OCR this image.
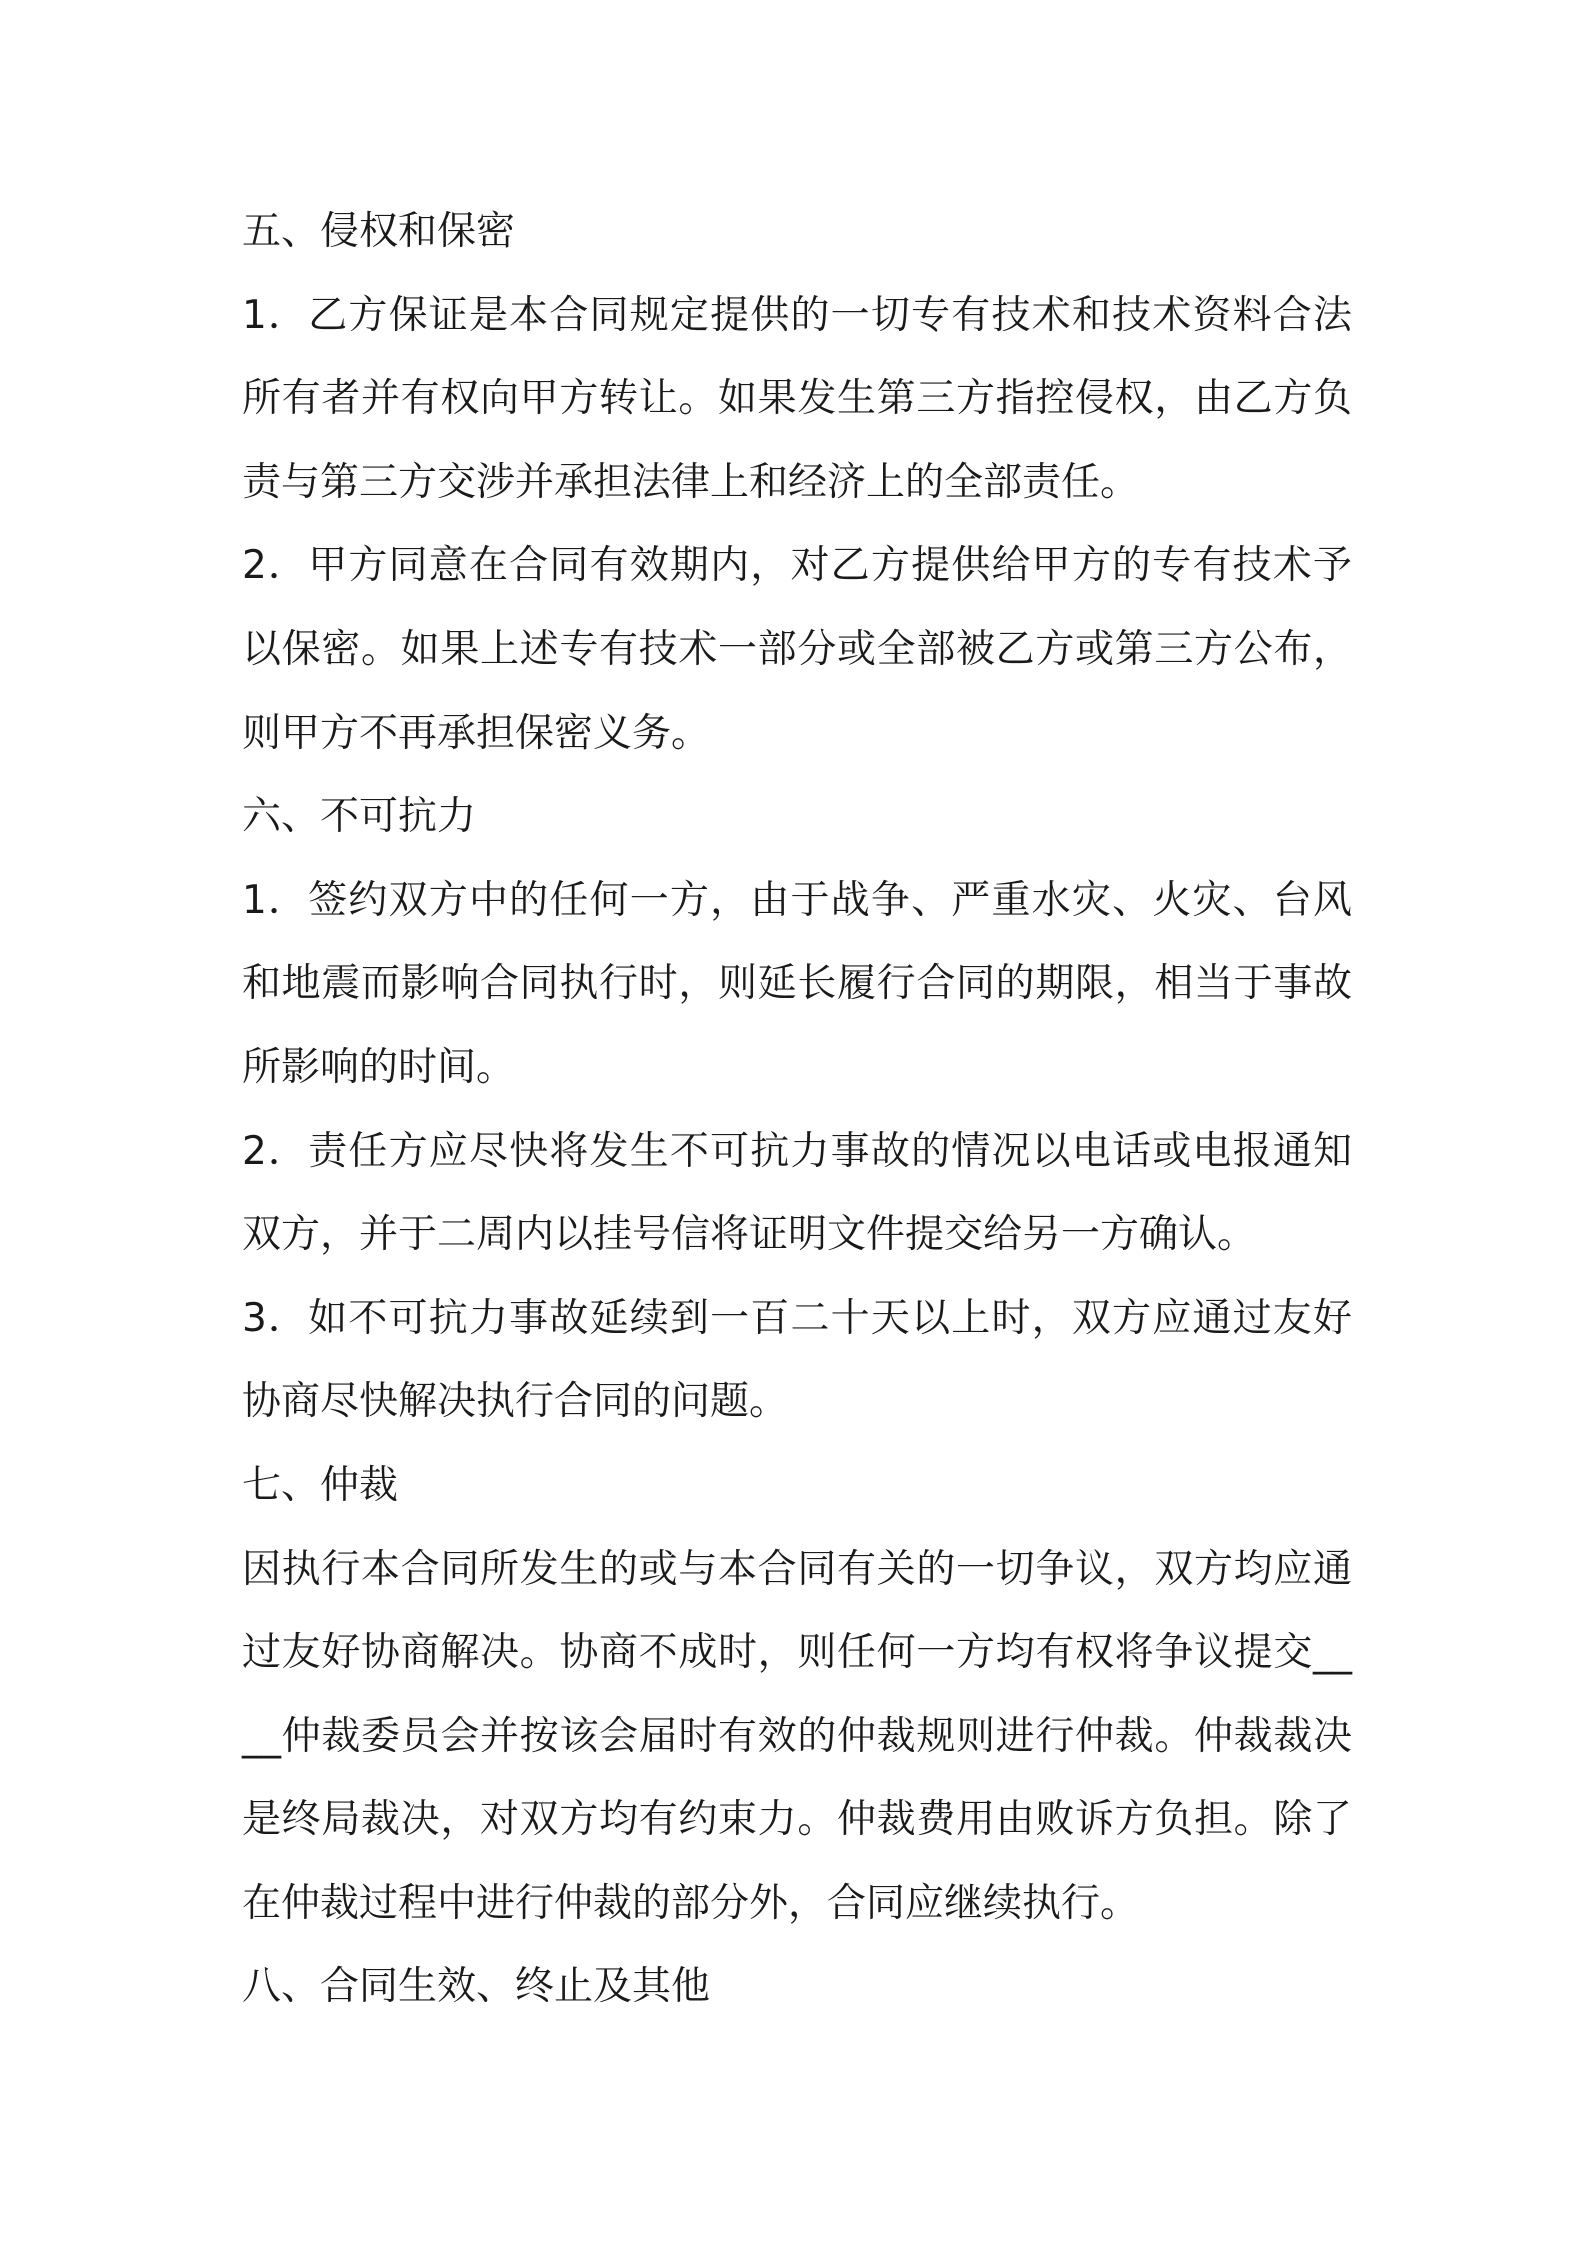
五、侵权和保密

1．乙方保证是本合同规定提供的一切专有技术和技术资料合法所有者并有权向甲方转让。如果发生第三方指控侵权，由乙方负责与第三方交涉并承担法律上和经济上的全部责任。

2．甲方同意在合同有效期内，对乙方提供给甲方的专有技术予以保密。如果上述专有技术一部分或全部被乙方或第三方公布，则甲方不再承担保密义务。

六、不可抗力

1．签约双方中的任何一方，由于战争、严重水灾、火灾、台风和地震而影响合同执行时，则延长履行合同的期限，相当于事故所影响的时间。

2．责任方应尽快将发生不可抗力事故的情况以电话或电报通知双方，并于二周内以挂号信将证明文件提交给另一方确认。

3．如不可抗力事故延续到一百二十天以上时，双方应通过友好协商尽快解决执行合同的问题。

七、仲裁

因执行本合同所发生的或与本合同有关的一切争议，双方均应通过友好协商解决。协商不成时，则任何一方均有权将争议提交____仲裁委员会并按该会届时有效的仲裁规则进行仲裁。仲裁裁决是终局裁决，对双方均有约束力。仲裁费用由败诉方负担。除了在仲裁过程中进行仲裁的部分外，合同应继续执行。

八、合同生效、终止及其他
